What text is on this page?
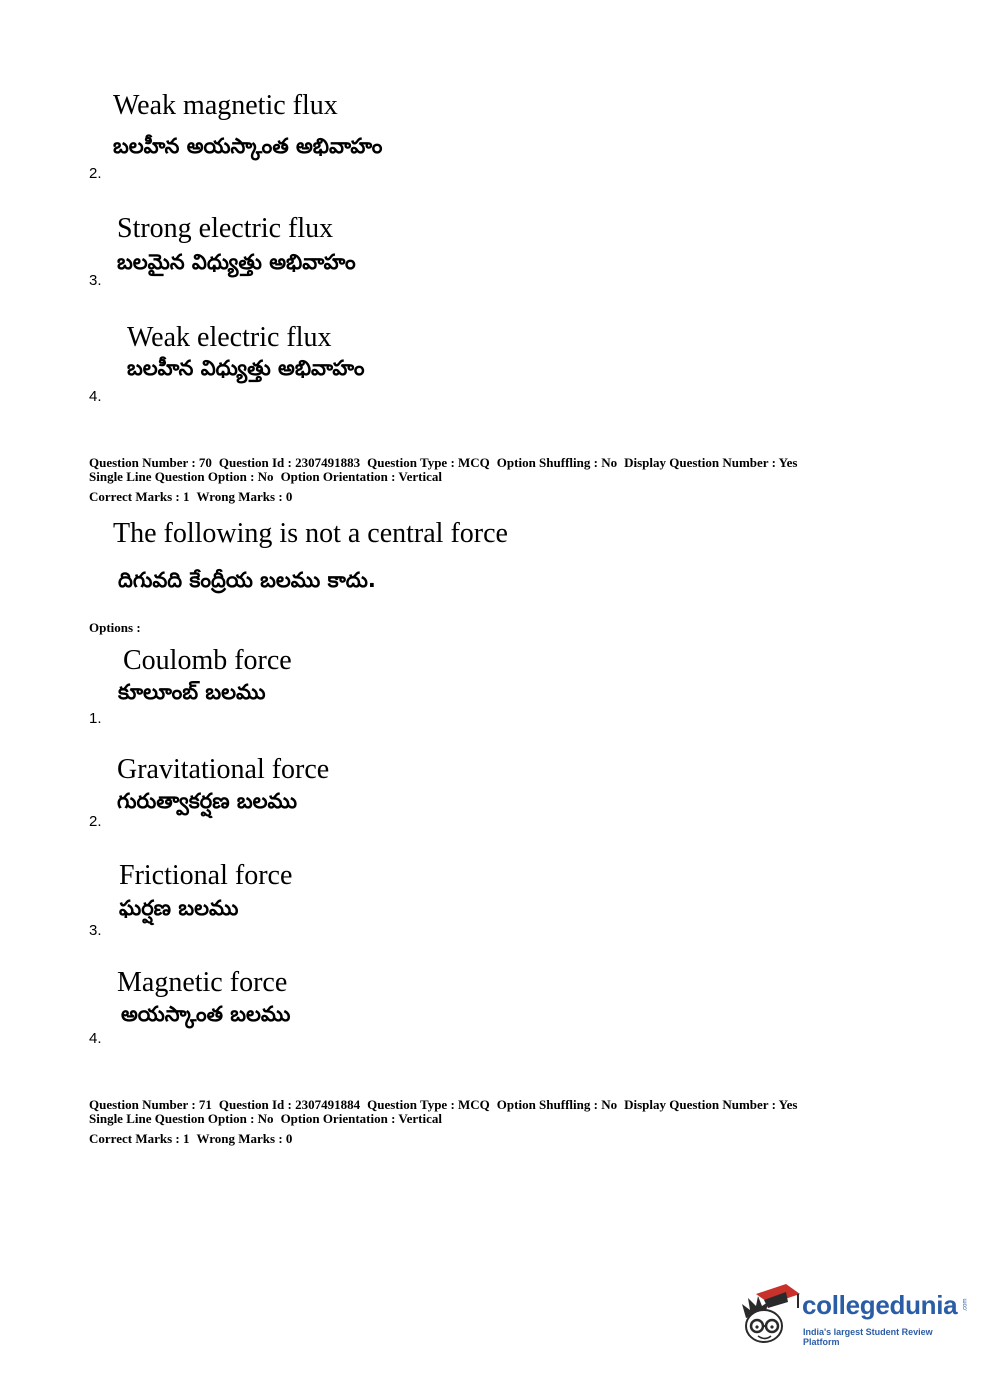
Weak magnetic flux
బలహీన అయస్కాంత అభివాహం
2.
Strong electric flux
బలమైన విధ్యుత్తు అభివాహం
3.
Weak electric flux
బలహీన విధ్యుత్తు అభివాహం
4.
Question Number : 70 Question Id : 2307491883 Question Type : MCQ Option Shuffling : No Display Question Number : Yes
Single Line Question Option : No Option Orientation : Vertical
Correct Marks : 1 Wrong Marks : 0
The following is not a central force
దిగువది కేంద్రీయ బలము కాదు.
Options :
Coulomb force
కూలూంబ్ బలము
1.
Gravitational force
గురుత్వాకర్షణ బలము
2.
Frictional force
ఘర్షణ బలము
3.
Magnetic force
అయస్కాంత బలము
4.
Question Number : 71 Question Id : 2307491884 Question Type : MCQ Option Shuffling : No Display Question Number : Yes
Single Line Question Option : No Option Orientation : Vertical
Correct Marks : 1 Wrong Marks : 0
collegedunia .com
India's largest Student Review Platform
